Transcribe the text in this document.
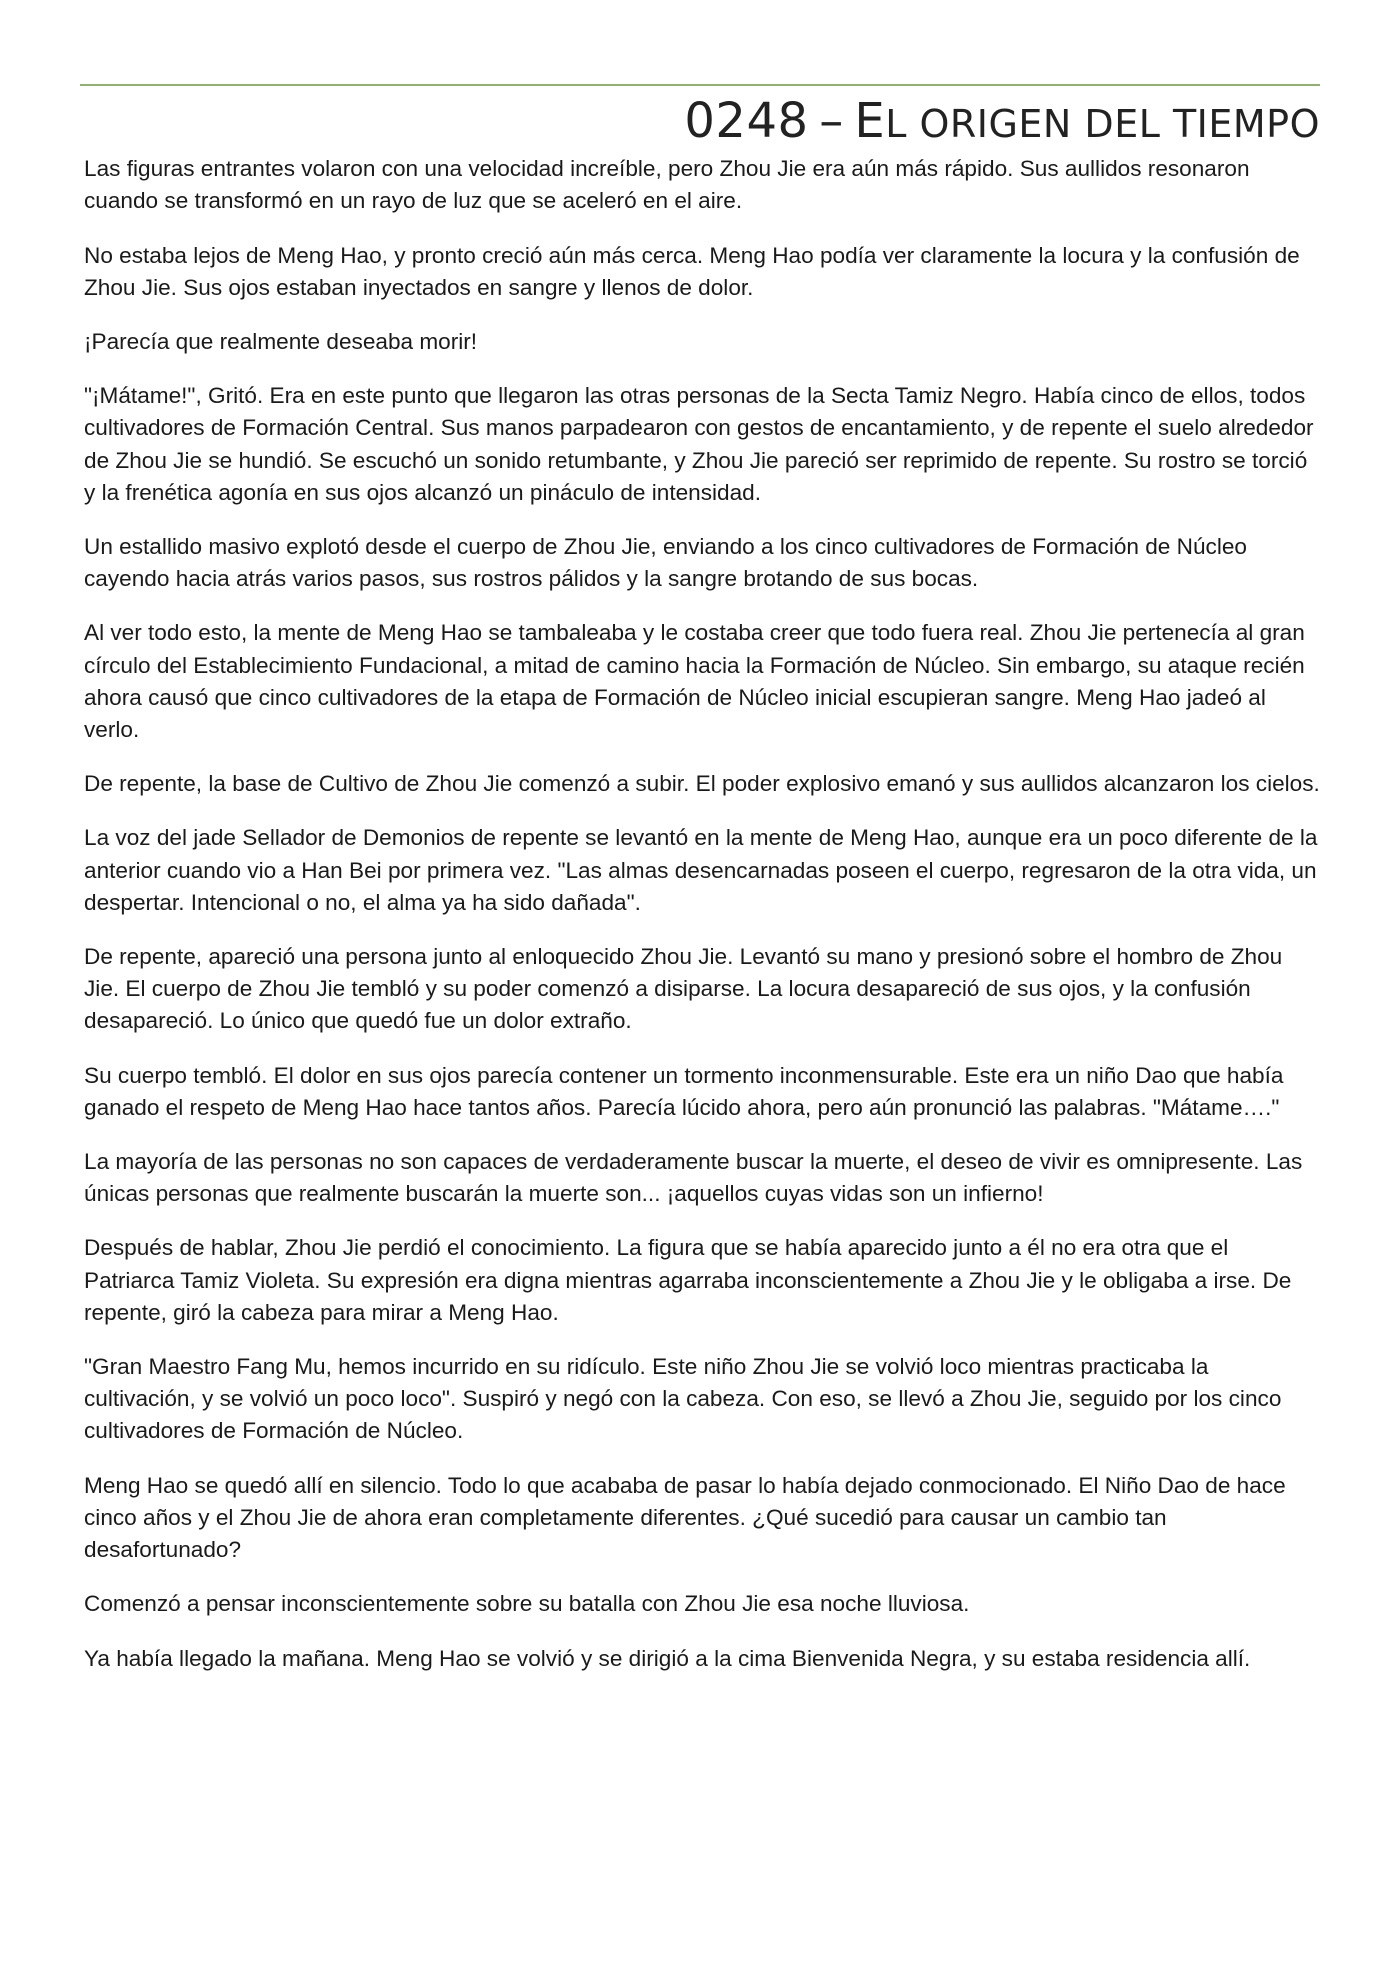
0248 – EL ORIGEN DEL TIEMPO

Las figuras entrantes volaron con una velocidad increíble, pero Zhou Jie era aún más rápido. Sus aullidos resonaron cuando se transformó en un rayo de luz que se aceleró en el aire.

No estaba lejos de Meng Hao, y pronto creció aún más cerca. Meng Hao podía ver claramente la locura y la confusión de Zhou Jie. Sus ojos estaban inyectados en sangre y llenos de dolor.

¡Parecía que realmente deseaba morir!

"¡Mátame!", Gritó. Era en este punto que llegaron las otras personas de la Secta Tamiz Negro. Había cinco de ellos, todos cultivadores de Formación Central. Sus manos parpadearon con gestos de encantamiento, y de repente el suelo alrededor de Zhou Jie se hundió. Se escuchó un sonido retumbante, y Zhou Jie pareció ser reprimido de repente. Su rostro se torció y la frenética agonía en sus ojos alcanzó un pináculo de intensidad.

Un estallido masivo explotó desde el cuerpo de Zhou Jie, enviando a los cinco cultivadores de Formación de Núcleo cayendo hacia atrás varios pasos, sus rostros pálidos y la sangre brotando de sus bocas.

Al ver todo esto, la mente de Meng Hao se tambaleaba y le costaba creer que todo fuera real. Zhou Jie pertenecía al gran círculo del Establecimiento Fundacional, a mitad de camino hacia la Formación de Núcleo. Sin embargo, su ataque recién ahora causó que cinco cultivadores de la etapa de Formación de Núcleo inicial escupieran sangre. Meng Hao jadeó al verlo.

De repente, la base de Cultivo de Zhou Jie comenzó a subir. El poder explosivo emanó y sus aullidos alcanzaron los cielos.

La voz del jade Sellador de Demonios de repente se levantó en la mente de Meng Hao, aunque era un poco diferente de la anterior cuando vio a Han Bei por primera vez. "Las almas desencarnadas poseen el cuerpo, regresaron de la otra vida, un despertar. Intencional o no, el alma ya ha sido dañada".

De repente, apareció una persona junto al enloquecido Zhou Jie. Levantó su mano y presionó sobre el hombro de Zhou Jie. El cuerpo de Zhou Jie tembló y su poder comenzó a disiparse. La locura desapareció de sus ojos, y la confusión desapareció. Lo único que quedó fue un dolor extraño.

Su cuerpo tembló. El dolor en sus ojos parecía contener un tormento inconmensurable. Este era un niño Dao que había ganado el respeto de Meng Hao hace tantos años. Parecía lúcido ahora, pero aún pronunció las palabras. "Mátame…."

La mayoría de las personas no son capaces de verdaderamente buscar la muerte, el deseo de vivir es omnipresente. Las únicas personas que realmente buscarán la muerte son... ¡aquellos cuyas vidas son un infierno!

Después de hablar, Zhou Jie perdió el conocimiento. La figura que se había aparecido junto a él no era otra que el Patriarca Tamiz Violeta. Su expresión era digna mientras agarraba inconscientemente a Zhou Jie y le obligaba a irse. De repente, giró la cabeza para mirar a Meng Hao.

"Gran Maestro Fang Mu, hemos incurrido en su ridículo. Este niño Zhou Jie se volvió loco mientras practicaba la cultivación, y se volvió un poco loco". Suspiró y negó con la cabeza. Con eso, se llevó a Zhou Jie, seguido por los cinco cultivadores de Formación de Núcleo.

Meng Hao se quedó allí en silencio. Todo lo que acababa de pasar lo había dejado conmocionado. El Niño Dao de hace cinco años y el Zhou Jie de ahora eran completamente diferentes. ¿Qué sucedió para causar un cambio tan desafortunado?

Comenzó a pensar inconscientemente sobre su batalla con Zhou Jie esa noche lluviosa.

Ya había llegado la mañana. Meng Hao se volvió y se dirigió a la cima Bienvenida Negra, y su estaba residencia allí.
